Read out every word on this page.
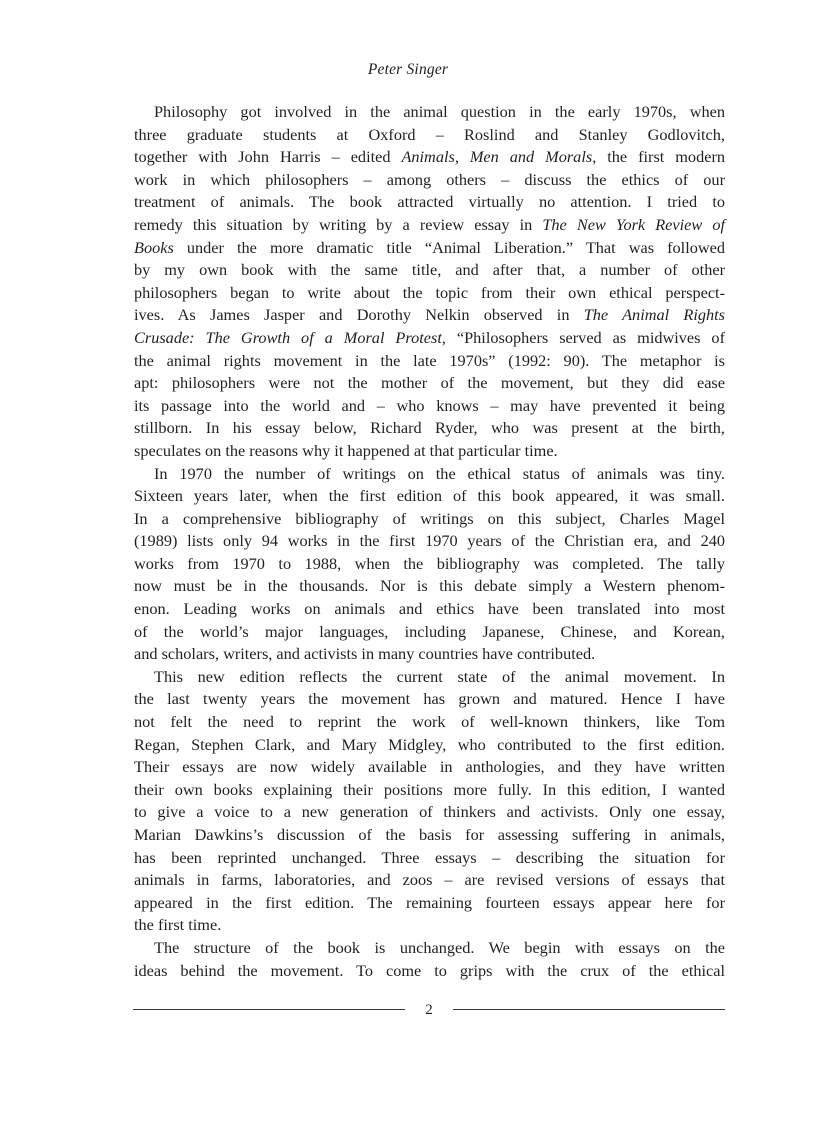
Peter Singer

Philosophy got involved in the animal question in the early 1970s, when
three graduate students at Oxford – Roslind and Stanley Godlovitch,
together with John Harris – edited Animals, Men and Morals, the first modern
work in which philosophers – among others – discuss the ethics of our
treatment of animals. The book attracted virtually no attention. I tried to
remedy this situation by writing by a review essay in The New York Review of
Books under the more dramatic title “Animal Liberation.” That was followed
by my own book with the same title, and after that, a number of other
philosophers began to write about the topic from their own ethical perspect-
ives. As James Jasper and Dorothy Nelkin observed in The Animal Rights
Crusade: The Growth of a Moral Protest, “Philosophers served as midwives of
the animal rights movement in the late 1970s” (1992: 90). The metaphor is
apt: philosophers were not the mother of the movement, but they did ease
its passage into the world and – who knows – may have prevented it being
stillborn. In his essay below, Richard Ryder, who was present at the birth,
speculates on the reasons why it happened at that particular time.

In 1970 the number of writings on the ethical status of animals was tiny.
Sixteen years later, when the first edition of this book appeared, it was small.
In a comprehensive bibliography of writings on this subject, Charles Magel
(1989) lists only 94 works in the first 1970 years of the Christian era, and 240
works from 1970 to 1988, when the bibliography was completed. The tally
now must be in the thousands. Nor is this debate simply a Western phenom-
enon. Leading works on animals and ethics have been translated into most
of the world’s major languages, including Japanese, Chinese, and Korean,
and scholars, writers, and activists in many countries have contributed.

This new edition reflects the current state of the animal movement. In
the last twenty years the movement has grown and matured. Hence I have
not felt the need to reprint the work of well-known thinkers, like Tom
Regan, Stephen Clark, and Mary Midgley, who contributed to the first edition.
Their essays are now widely available in anthologies, and they have written
their own books explaining their positions more fully. In this edition, I wanted
to give a voice to a new generation of thinkers and activists. Only one essay,
Marian Dawkins’s discussion of the basis for assessing suffering in animals,
has been reprinted unchanged. Three essays – describing the situation for
animals in farms, laboratories, and zoos – are revised versions of essays that
appeared in the first edition. The remaining fourteen essays appear here for
the first time.

The structure of the book is unchanged. We begin with essays on the
ideas behind the movement. To come to grips with the crux of the ethical

2
